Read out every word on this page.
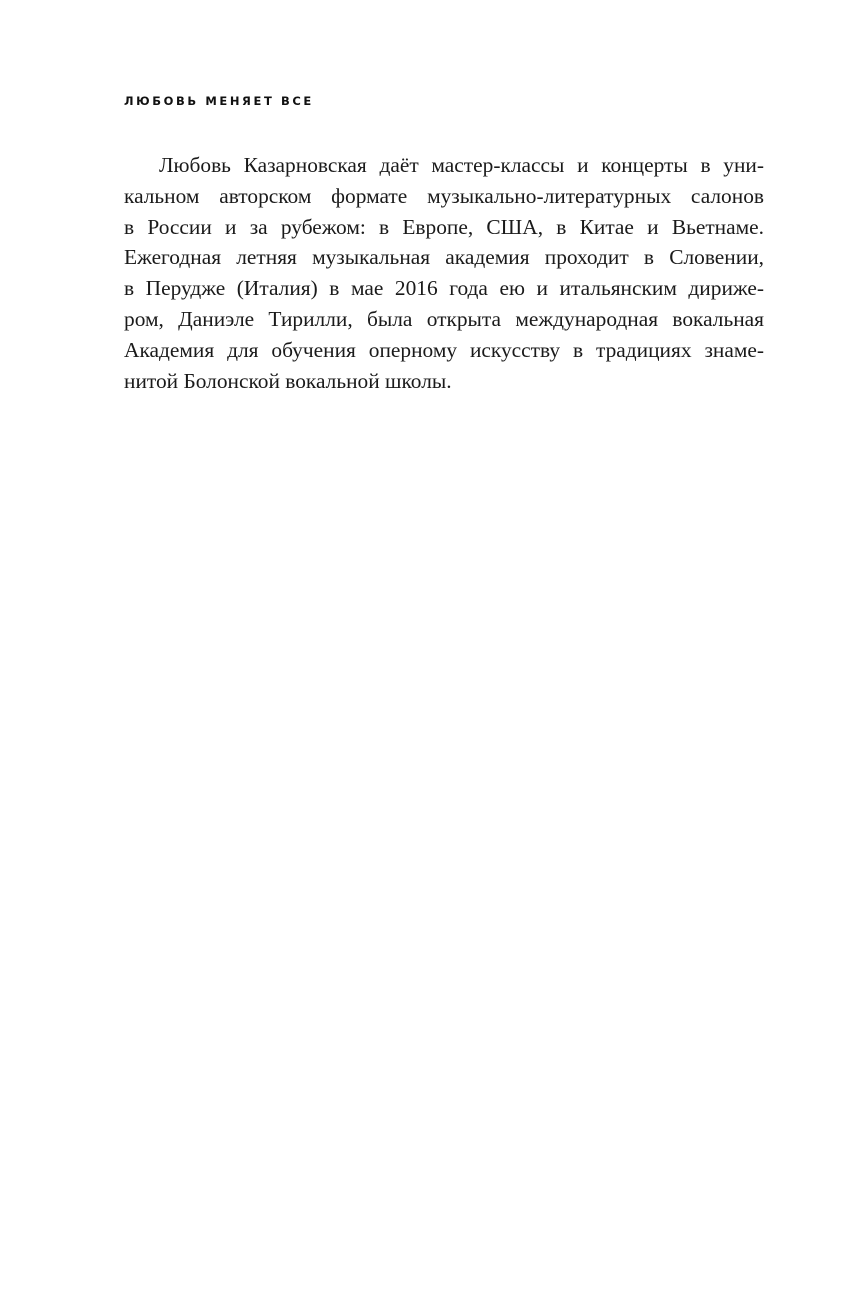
ЛЮБОВЬ МЕНЯЕТ ВСЕ
Любовь Казарновская даёт мастер-классы и концерты в уни-
кальном авторском формате музыкально-литературных салонов
в России и за рубежом: в Европе, США, в Китае и Вьетнаме.
Ежегодная летняя музыкальная академия проходит в Словении,
в Перудже (Италия) в мае 2016 года ею и итальянским дириже-
ром, Даниэле Тирилли, была открыта международная вокальная
Академия для обучения оперному искусству в традициях знаме-
нитой Болонской вокальной школы.
